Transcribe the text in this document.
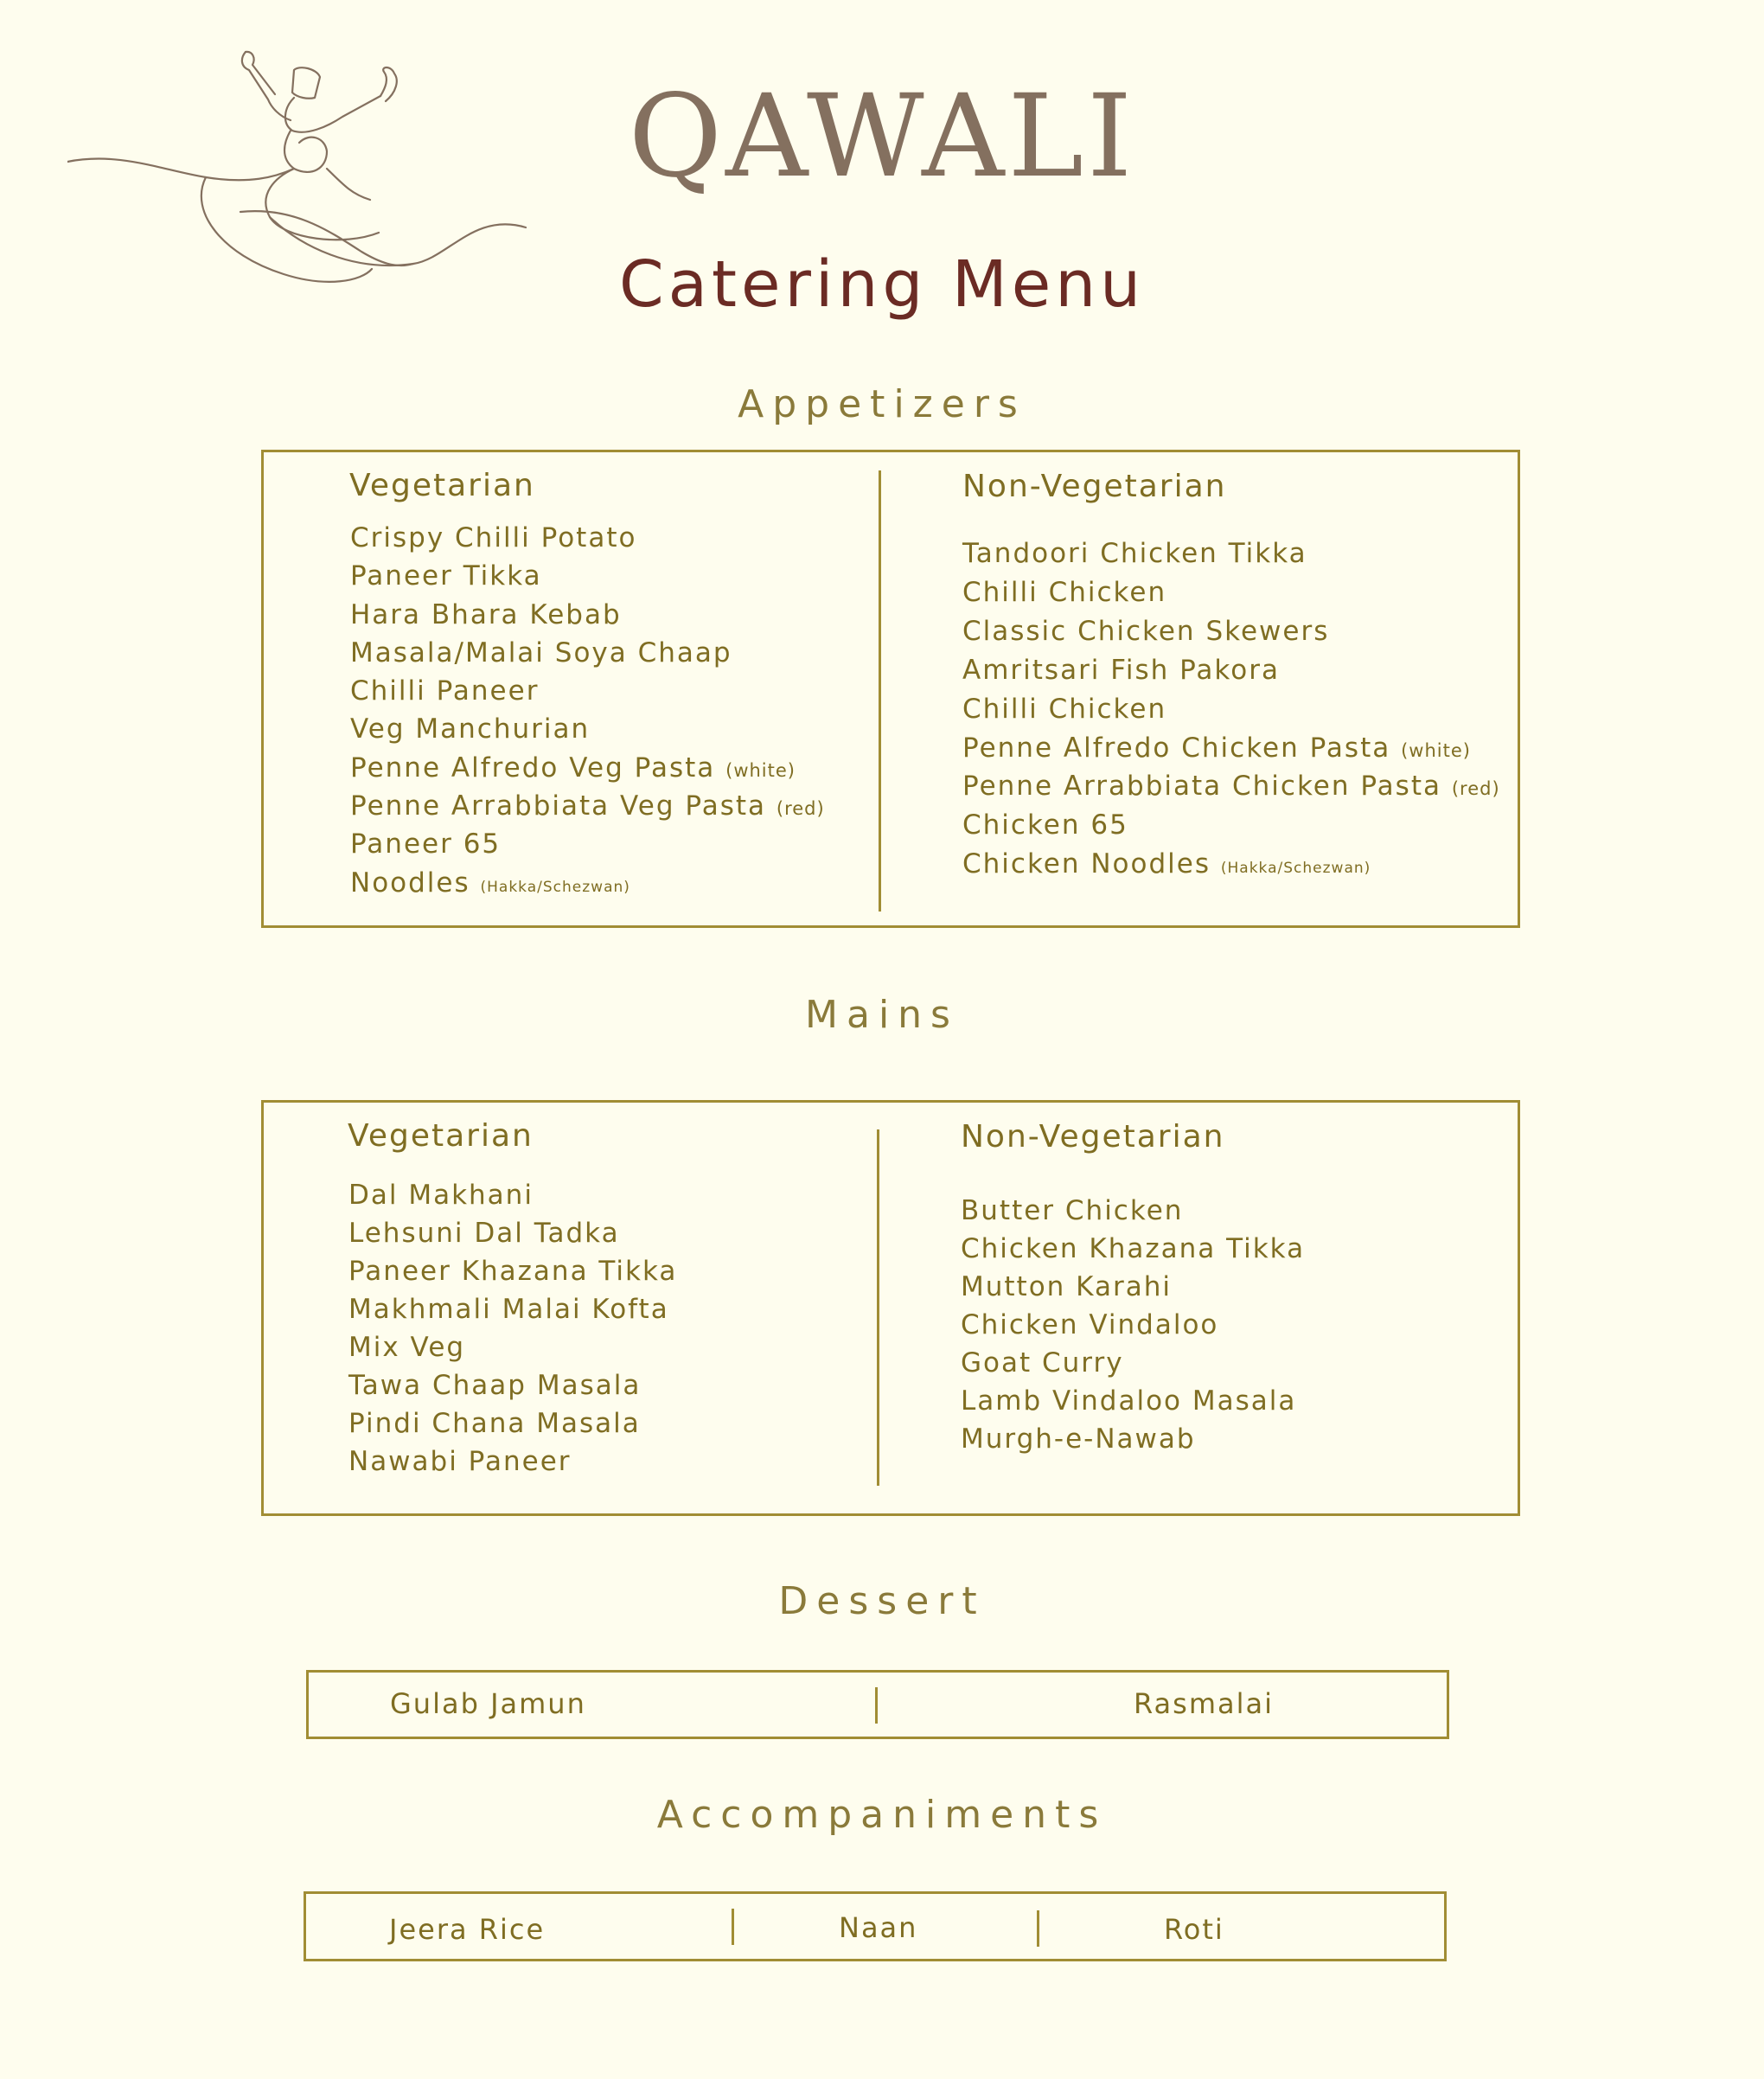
QAWALI
Catering Menu
Appetizers
Vegetarian
Crispy Chilli Potato
Paneer Tikka
Hara Bhara Kebab
Masala/Malai Soya Chaap
Chilli Paneer
Veg Manchurian
Penne Alfredo Veg Pasta (white)
Penne Arrabbiata Veg Pasta (red)
Paneer 65
Noodles (Hakka/Schezwan)
Non-Vegetarian
Tandoori Chicken Tikka
Chilli Chicken
Classic Chicken Skewers
Amritsari Fish Pakora
Chilli Chicken
Penne Alfredo Chicken Pasta (white)
Penne Arrabbiata Chicken Pasta (red)
Chicken 65
Chicken Noodles (Hakka/Schezwan)
Mains
Vegetarian
Dal Makhani
Lehsuni Dal Tadka
Paneer Khazana Tikka
Makhmali Malai Kofta
Mix Veg
Tawa Chaap Masala
Pindi Chana Masala
Nawabi Paneer
Non-Vegetarian
Butter Chicken
Chicken Khazana Tikka
Mutton Karahi
Chicken Vindaloo
Goat Curry
Lamb Vindaloo Masala
Murgh-e-Nawab
Dessert
Gulab Jamun	Rasmalai
Accompaniments
Jeera Rice	Naan	Roti
